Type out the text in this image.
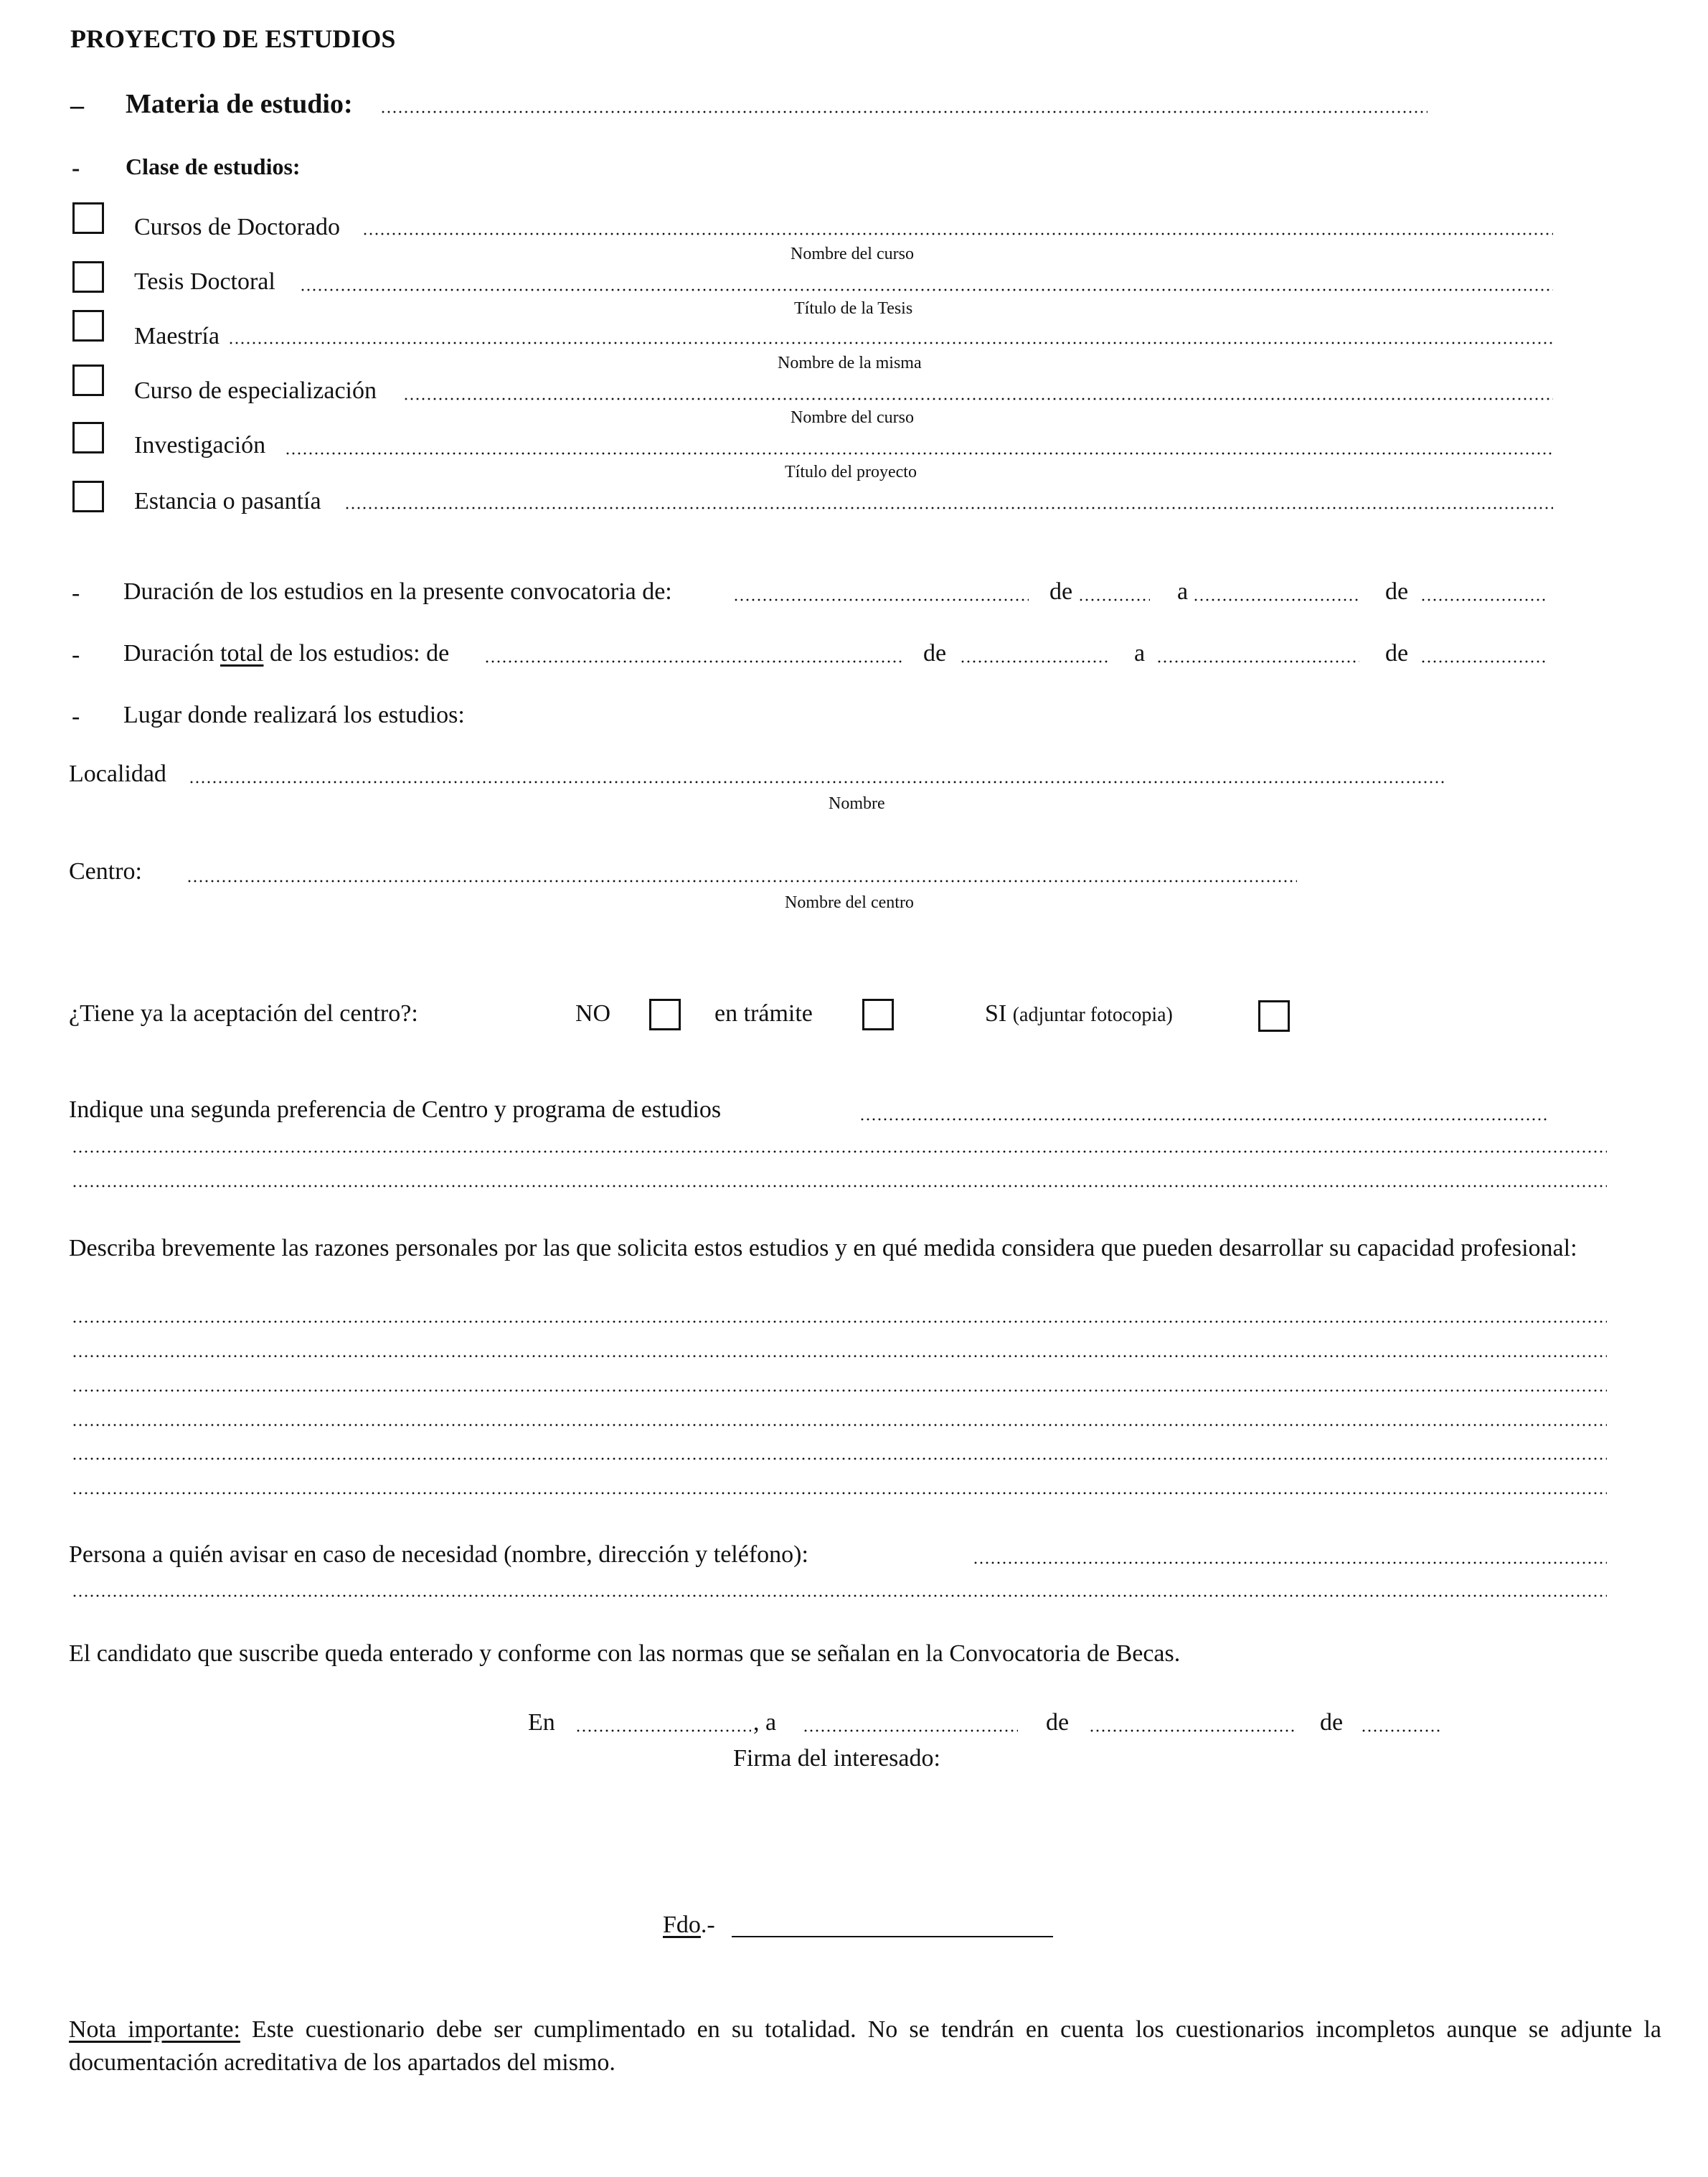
PROYECTO DE ESTUDIOS
– Materia de estudio:
- Clase de estudios:
Cursos de Doctorado
Nombre del curso
Tesis Doctoral
Título de la Tesis
Maestría
Nombre de la misma
Curso de especialización
Nombre del curso
Investigación
Título del proyecto
Estancia o pasantía
- Duración de los estudios en la presente convocatoria de:	de	a	de
- Duración total de los estudios: de	de	a	de
- Lugar donde realizará los estudios:
Localidad
Nombre
Centro:
Nombre del centro
¿Tiene ya la aceptación del centro?:	NO	en trámite	SI (adjuntar fotocopia)
Indique una segunda preferencia de Centro y programa de estudios
Describa brevemente las razones personales por las que solicita estos estudios y en qué medida considera que pueden desarrollar su capacidad profesional:
Persona a quién avisar en caso de necesidad (nombre, dirección y teléfono):
El candidato que suscribe queda enterado y conforme con las normas que se señalan en la Convocatoria de Becas.
En	, a	de	de
Firma del interesado:
Fdo.-
Nota importante: Este cuestionario debe ser cumplimentado en su totalidad. No se tendrán en cuenta los cuestionarios incompletos aunque se adjunte la documentación acreditativa de los apartados del mismo.
